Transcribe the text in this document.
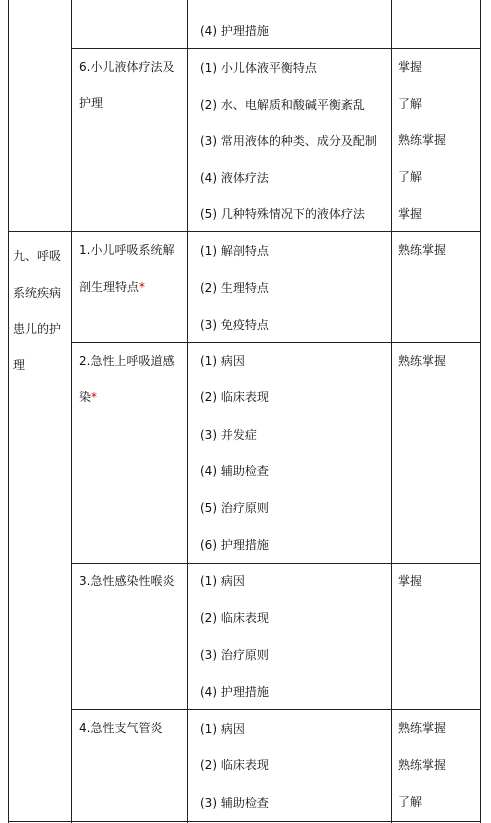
(4) 护理措施
6.小儿液体疗法及
护理
(1) 小儿体液平衡特点
(2) 水、电解质和酸碱平衡紊乱
(3) 常用液体的种类、成分及配制
(4) 液体疗法
(5) 几种特殊情况下的液体疗法
掌握
了解
熟练掌握
了解
掌握
九、呼吸
系统疾病
患儿的护
理
1.小儿呼吸系统解
剖生理特点*
(1) 解剖特点
(2) 生理特点
(3) 免疫特点
熟练掌握
2.急性上呼吸道感
染*
(1) 病因
(2) 临床表现
(3) 并发症
(4) 辅助检查
(5) 治疗原则
(6) 护理措施
熟练掌握
3.急性感染性喉炎 (1) 病因
(2) 临床表现
(3) 治疗原则
(4) 护理措施
掌握
4.急性支气管炎	(1) 病因
(2) 临床表现
(3) 辅助检查
熟练掌握
熟练掌握
了解
